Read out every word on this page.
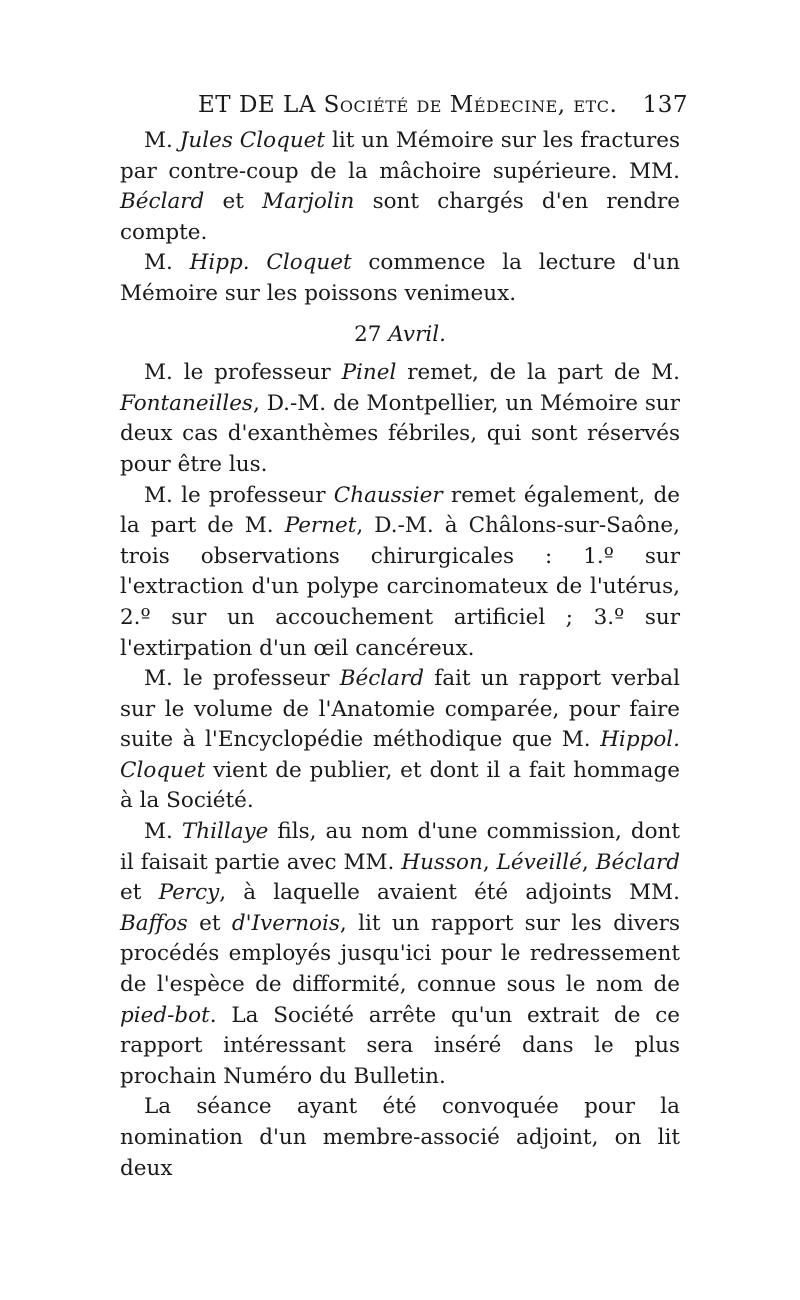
ET DE LA Société de Médecine, etc. 137

M. Jules Cloquet lit un Mémoire sur les fractures par contre-coup de la mâchoire supérieure. MM. Béclard et Marjolin sont chargés d'en rendre compte.

M. Hipp. Cloquet commence la lecture d'un Mémoire sur les poissons venimeux.

27 Avril.

M. le professeur Pinel remet, de la part de M. Fontaneilles, D.-M. de Montpellier, un Mémoire sur deux cas d'exanthèmes fébriles, qui sont réservés pour être lus.

M. le professeur Chaussier remet également, de la part de M. Pernet, D.-M. à Châlons-sur-Saône, trois observations chirurgicales : 1.º sur l'extraction d'un polype carcinomateux de l'utérus, 2.º sur un accouchement artificiel ; 3.º sur l'extirpation d'un œil cancéreux.

M. le professeur Béclard fait un rapport verbal sur le volume de l'Anatomie comparée, pour faire suite à l'Encyclopédie méthodique que M. Hippol. Cloquet vient de publier, et dont il a fait hommage à la Société.

M. Thillaye fils, au nom d'une commission, dont il faisait partie avec MM. Husson, Léveillé, Béclard et Percy, à laquelle avaient été adjoints MM. Baffos et d'Ivernois, lit un rapport sur les divers procédés employés jusqu'ici pour le redressement de l'espèce de difformité, connue sous le nom de pied-bot. La Société arrête qu'un extrait de ce rapport intéressant sera inséré dans le plus prochain Numéro du Bulletin.

La séance ayant été convoquée pour la nomination d'un membre-associé adjoint, on lit deux
